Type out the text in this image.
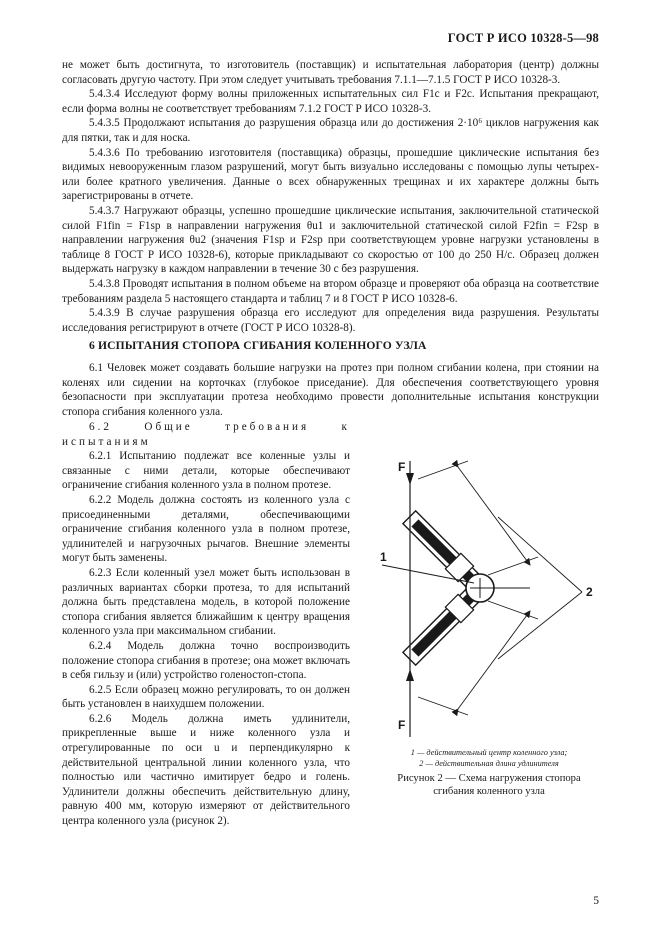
ГОСТ Р ИСО 10328-5—98

не может быть достигнута, то изготовитель (поставщик) и испытательная лаборатория (центр) должны согласовать другую частоту. При этом следует учитывать требования 7.1.1—7.1.5 ГОСТ Р ИСО 10328-3.

5.4.3.4 Исследуют форму волны приложенных испытательных сил F1c и F2c. Испытания прекращают, если форма волны не соответствует требованиям 7.1.2 ГОСТ Р ИСО 10328-3.

5.4.3.5 Продолжают испытания до разрушения образца или до достижения 2·10⁶ циклов нагружения как для пятки, так и для носка.

5.4.3.6 По требованию изготовителя (поставщика) образцы, прошедшие циклические испытания без видимых невооруженным глазом разрушений, могут быть визуально исследованы с помощью лупы четырех- или более кратного увеличения. Данные о всех обнаруженных трещинах и их характере должны быть зарегистрированы в отчете.

5.4.3.7 Нагружают образцы, успешно прошедшие циклические испытания, заключительной статической силой F1fin = F1sp в направлении нагружения θu1 и заключительной статической силой F2fin = F2sp в направлении нагружения θu2 (значения F1sp и F2sp при соответствующем уровне нагрузки установлены в таблице 8 ГОСТ Р ИСО 10328-6), которые прикладывают со скоростью от 100 до 250 Н/с. Образец должен выдержать нагрузку в каждом направлении в течение 30 с без разрушения.

5.4.3.8 Проводят испытания в полном объеме на втором образце и проверяют оба образца на соответствие требованиям раздела 5 настоящего стандарта и таблиц 7 и 8 ГОСТ Р ИСО 10328-6.

5.4.3.9 В случае разрушения образца его исследуют для определения вида разрушения. Результаты исследования регистрируют в отчете (ГОСТ Р ИСО 10328-8).

6 ИСПЫТАНИЯ СТОПОРА СГИБАНИЯ КОЛЕННОГО УЗЛА

6.1 Человек может создавать большие нагрузки на протез при полном сгибании колена, при стоянии на коленях или сидении на корточках (глубокое приседание). Для обеспечения соответствующего уровня безопасности при эксплуатации протеза необходимо провести дополнительные испытания конструкции стопора сгибания коленного узла.

6.2 Общие требования к испытаниям

6.2.1 Испытанию подлежат все коленные узлы и связанные с ними детали, которые обеспечивают ограничение сгибания коленного узла в полном протезе.

6.2.2 Модель должна состоять из коленного узла с присоединенными деталями, обеспечивающими ограничение сгибания коленного узла в полном протезе, удлинителей и нагрузочных рычагов. Внешние элементы могут быть заменены.

6.2.3 Если коленный узел может быть использован в различных вариантах сборки протеза, то для испытаний должна быть представлена модель, в которой положение стопора сгибания является ближайшим к центру вращения коленного узла при максимальном сгибании.

6.2.4 Модель должна точно воспроизводить положение стопора сгибания в протезе; она может включать в себя гильзу и (или) устройство голеностоп-стопа.

6.2.5 Если образец можно регулировать, то он должен быть установлен в наихудшем положении.

6.2.6 Модель должна иметь удлинители, прикрепленные выше и ниже коленного узла и отрегулированные по оси u и перпендикулярно к действительной центральной линии коленного узла, что полностью или частично имитирует бедро и голень. Удлинители должны обеспечить действительную длину, равную 400 мм, которую измеряют от действительного центра коленного узла (рисунок 2).

F
F
1
2
1 — действительный центр коленного узла;
2 — действительная длина удлинителя
Рисунок 2 — Схема нагружения стопора
сгибания коленного узла
5
